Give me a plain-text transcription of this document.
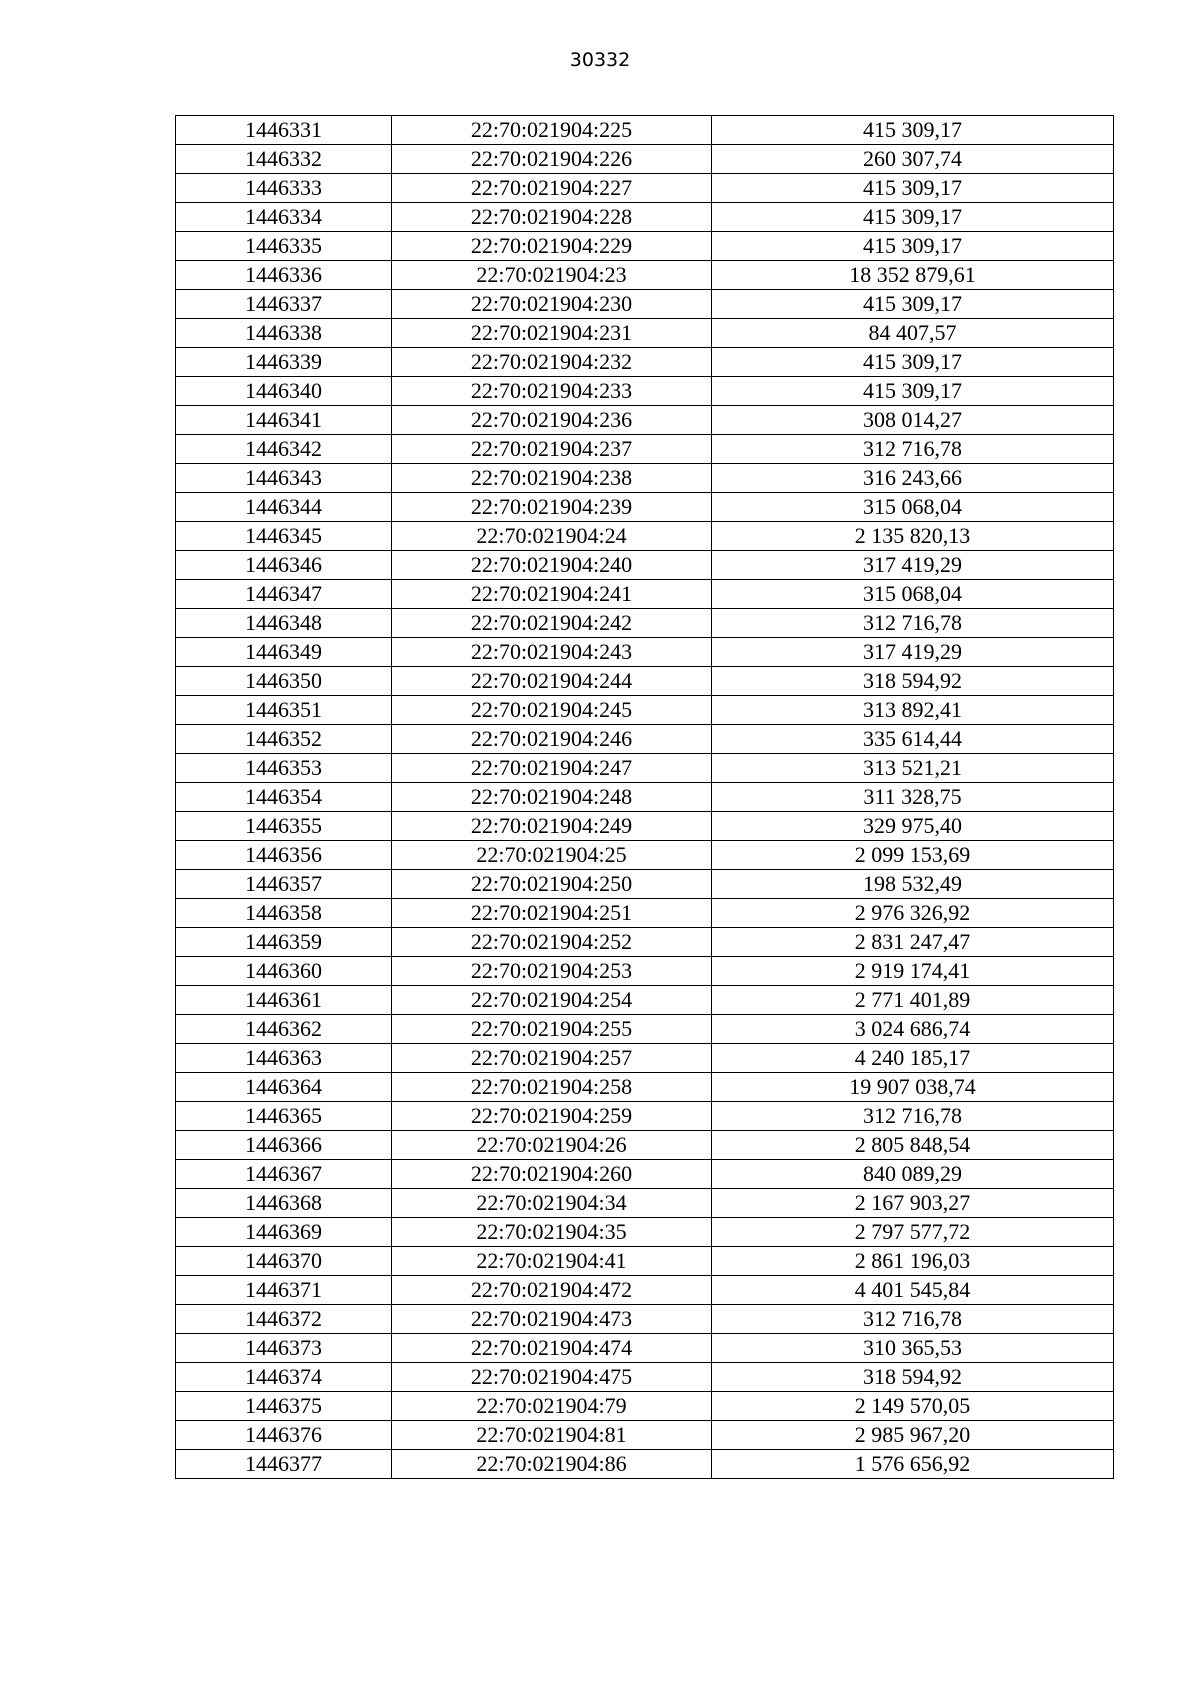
30332
1446331	22:70:021904:225	415 309,17
1446332	22:70:021904:226	260 307,74
1446333	22:70:021904:227	415 309,17
1446334	22:70:021904:228	415 309,17
1446335	22:70:021904:229	415 309,17
1446336	22:70:021904:23	18 352 879,61
1446337	22:70:021904:230	415 309,17
1446338	22:70:021904:231	84 407,57
1446339	22:70:021904:232	415 309,17
1446340	22:70:021904:233	415 309,17
1446341	22:70:021904:236	308 014,27
1446342	22:70:021904:237	312 716,78
1446343	22:70:021904:238	316 243,66
1446344	22:70:021904:239	315 068,04
1446345	22:70:021904:24	2 135 820,13
1446346	22:70:021904:240	317 419,29
1446347	22:70:021904:241	315 068,04
1446348	22:70:021904:242	312 716,78
1446349	22:70:021904:243	317 419,29
1446350	22:70:021904:244	318 594,92
1446351	22:70:021904:245	313 892,41
1446352	22:70:021904:246	335 614,44
1446353	22:70:021904:247	313 521,21
1446354	22:70:021904:248	311 328,75
1446355	22:70:021904:249	329 975,40
1446356	22:70:021904:25	2 099 153,69
1446357	22:70:021904:250	198 532,49
1446358	22:70:021904:251	2 976 326,92
1446359	22:70:021904:252	2 831 247,47
1446360	22:70:021904:253	2 919 174,41
1446361	22:70:021904:254	2 771 401,89
1446362	22:70:021904:255	3 024 686,74
1446363	22:70:021904:257	4 240 185,17
1446364	22:70:021904:258	19 907 038,74
1446365	22:70:021904:259	312 716,78
1446366	22:70:021904:26	2 805 848,54
1446367	22:70:021904:260	840 089,29
1446368	22:70:021904:34	2 167 903,27
1446369	22:70:021904:35	2 797 577,72
1446370	22:70:021904:41	2 861 196,03
1446371	22:70:021904:472	4 401 545,84
1446372	22:70:021904:473	312 716,78
1446373	22:70:021904:474	310 365,53
1446374	22:70:021904:475	318 594,92
1446375	22:70:021904:79	2 149 570,05
1446376	22:70:021904:81	2 985 967,20
1446377	22:70:021904:86	1 576 656,92
